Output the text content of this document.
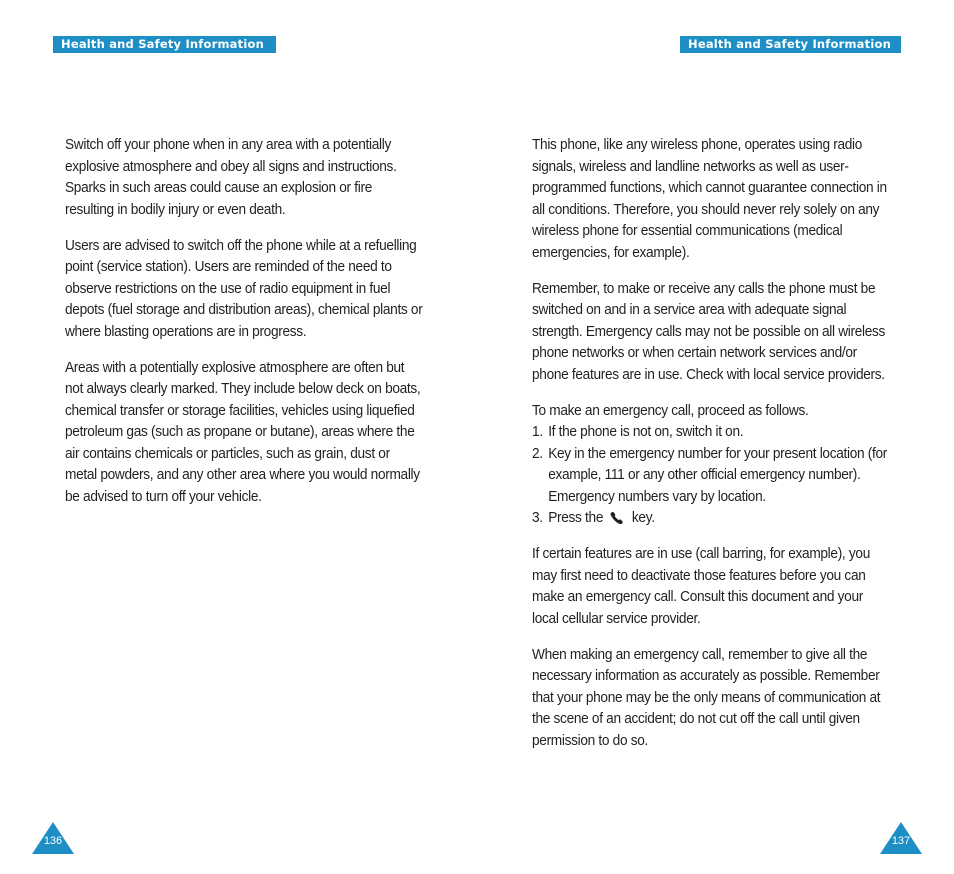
Health and Safety Information

Switch off your phone when in any area with a potentially explosive atmosphere and obey all signs and instructions. Sparks in such areas could cause an explosion or fire resulting in bodily injury or even death.

Users are advised to switch off the phone while at a refuelling point (service station). Users are reminded of the need to observe restrictions on the use of radio equipment in fuel depots (fuel storage and distribution areas), chemical plants or where blasting operations are in progress.

Areas with a potentially explosive atmosphere are often but not always clearly marked. They include below deck on boats, chemical transfer or storage facilities, vehicles using liquefied petroleum gas (such as propane or butane), areas where the air contains chemicals or particles, such as grain, dust or metal powders, and any other area where you would normally be advised to turn off your vehicle.

136
Health and Safety Information

This phone, like any wireless phone, operates using radio signals, wireless and landline networks as well as user-programmed functions, which cannot guarantee connection in all conditions. Therefore, you should never rely solely on any wireless phone for essential communications (medical emergencies, for example).

Remember, to make or receive any calls the phone must be switched on and in a service area with adequate signal strength. Emergency calls may not be possible on all wireless phone networks or when certain network services and/or phone features are in use. Check with local service providers.

To make an emergency call, proceed as follows.
1. If the phone is not on, switch it on.
2. Key in the emergency number for your present location (for example, 111 or any other official emergency number). Emergency numbers vary by location.
3. Press the key.

If certain features are in use (call barring, for example), you may first need to deactivate those features before you can make an emergency call. Consult this document and your local cellular service provider.

When making an emergency call, remember to give all the necessary information as accurately as possible. Remember that your phone may be the only means of communication at the scene of an accident; do not cut off the call until given permission to do so.

137
